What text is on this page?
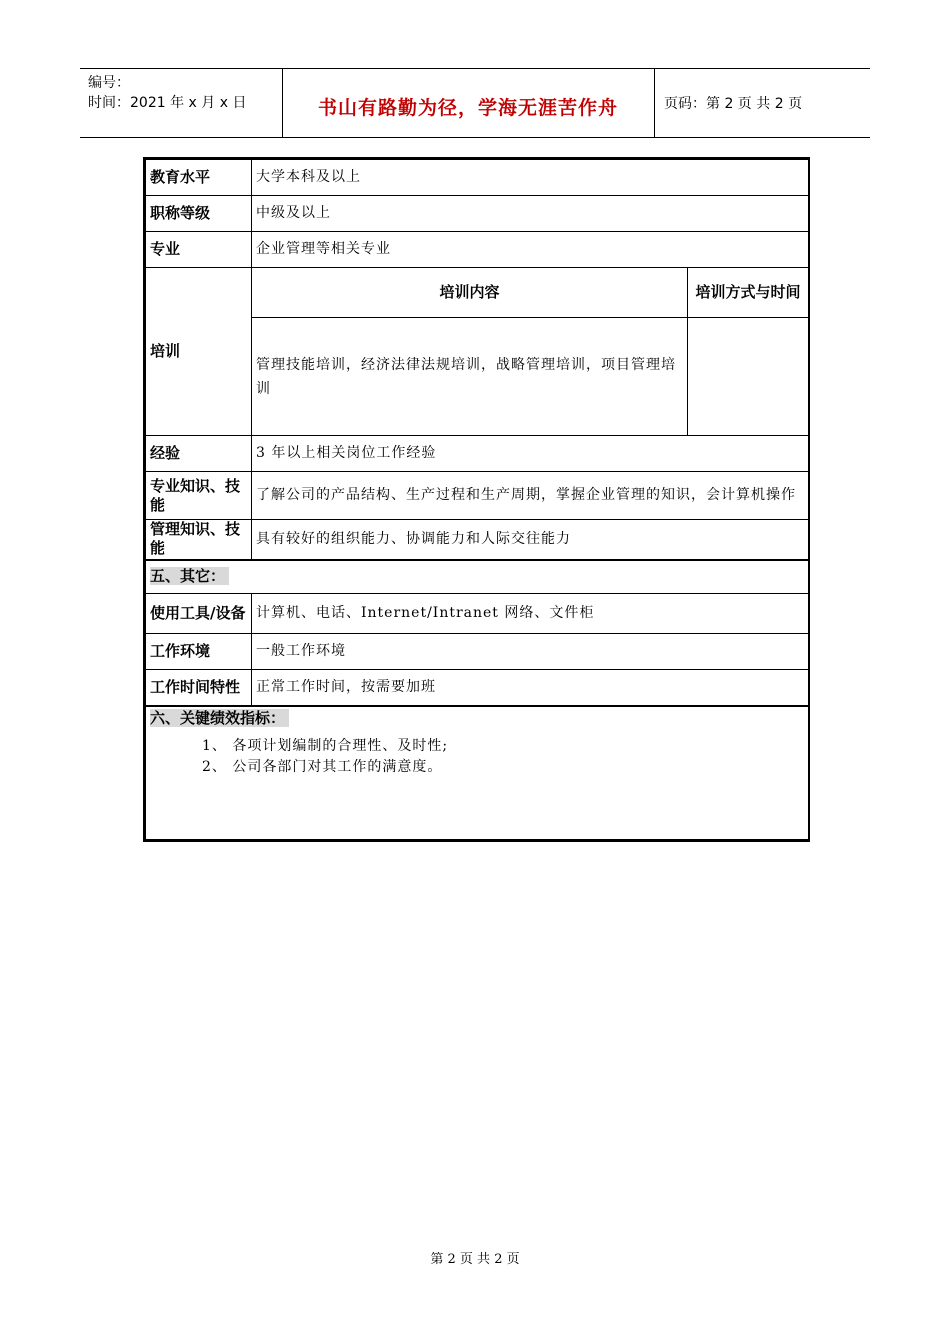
编号：
时间：2021 年 x 月 x 日	书山有路勤为径，学海无涯苦作舟	页码：第 2 页 共 2 页
教育水平	大学本科及以上	
职称等级	中级及以上	
专业	企业管理等相关专业	
培训	培训内容	培训方式与时间
	管理技能培训，经济法律法规培训，战略管理培训，项目管理培训	
经验	3 年以上相关岗位工作经验	
专业知识、技能	了解公司的产品结构、生产过程和生产周期，掌握企业管理的知识，会计算机操作	
管理知识、技能	具有较好的组织能力、协调能力和人际交往能力	
五、其它：		
使用工具/设备	计算机、电话、Internet/Intranet 网络、文件柜	
工作环境	一般工作环境	
工作时间特性	正常工作时间，按需要加班	

六、关键绩效指标：
1、 各项计划编制的合理性、及时性;
2、 公司各部门对其工作的满意度。		
第 2 页 共 2 页
